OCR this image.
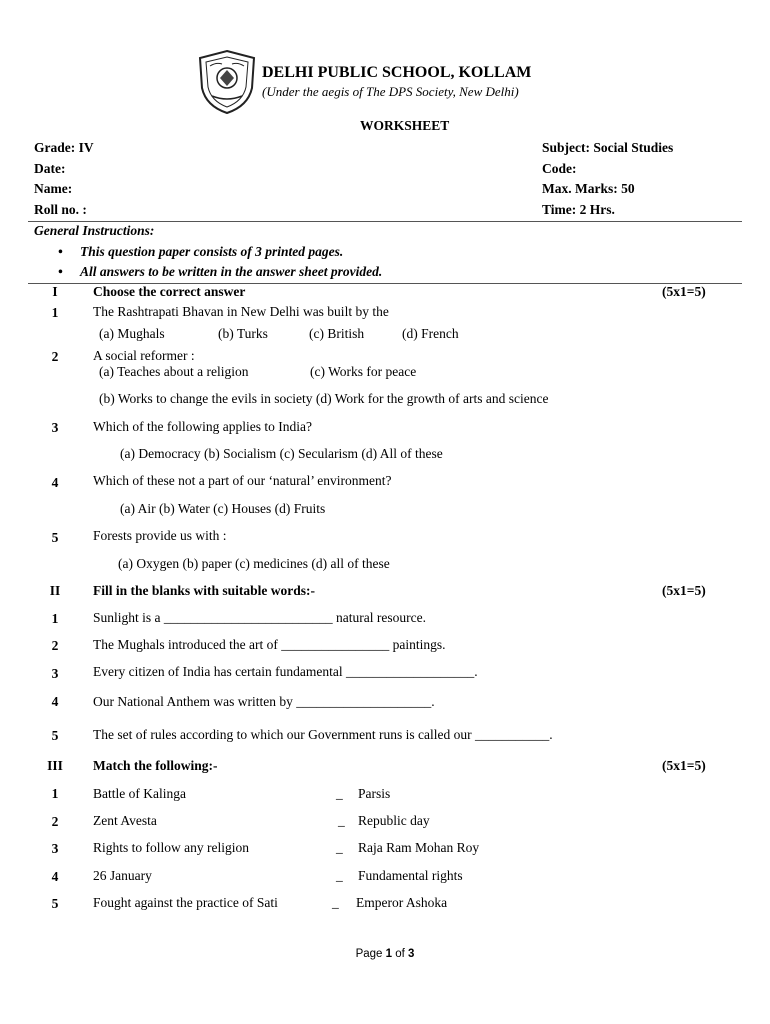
DELHI PUBLIC SCHOOL, KOLLAM
(Under the aegis of The DPS Society, New Delhi)
WORKSHEET
Grade: IV
Date:
Name:
Roll no. :
Subject: Social Studies
Code:
Max. Marks: 50
Time: 2 Hrs.
General Instructions:
• This question paper consists of 3 printed pages.
• All answers to be written in the answer sheet provided.
I	Choose the correct answer	(5x1=5)
1	The Rashtrapati Bhavan in New Delhi was built by the
(a) Mughals	(b) Turks	(c) British	(d) French
2	A social reformer :
(a) Teaches about a religion	(c) Works for peace
(b) Works to change the evils in society (d) Work for the growth of arts and science
3	Which of the following applies to India?
(a) Democracy (b) Socialism (c) Secularism (d) All of these
4	Which of these not a part of our ‘natural’ environment?
(a) Air (b) Water (c) Houses (d) Fruits
5	Forests provide us with :
(a) Oxygen (b) paper (c) medicines (d) all of these
II	Fill in the blanks with suitable words:-	(5x1=5)
1	Sunlight is a _________________________ natural resource.
2	The Mughals introduced the art of ________________ paintings.
3	Every citizen of India has certain fundamental ___________________.
4	Our National Anthem was written by ____________________.
5	The set of rules according to which our Government runs is called our ___________.
III	Match the following:-	(5x1=5)
1	Battle of Kalinga	_ Parsis
2	Zent Avesta	_ Republic day
3	Rights to follow any religion	_ Raja Ram Mohan Roy
4	26 January	_ Fundamental rights
5	Fought against the practice of Sati	_ Emperor Ashoka
Page 1 of 3
